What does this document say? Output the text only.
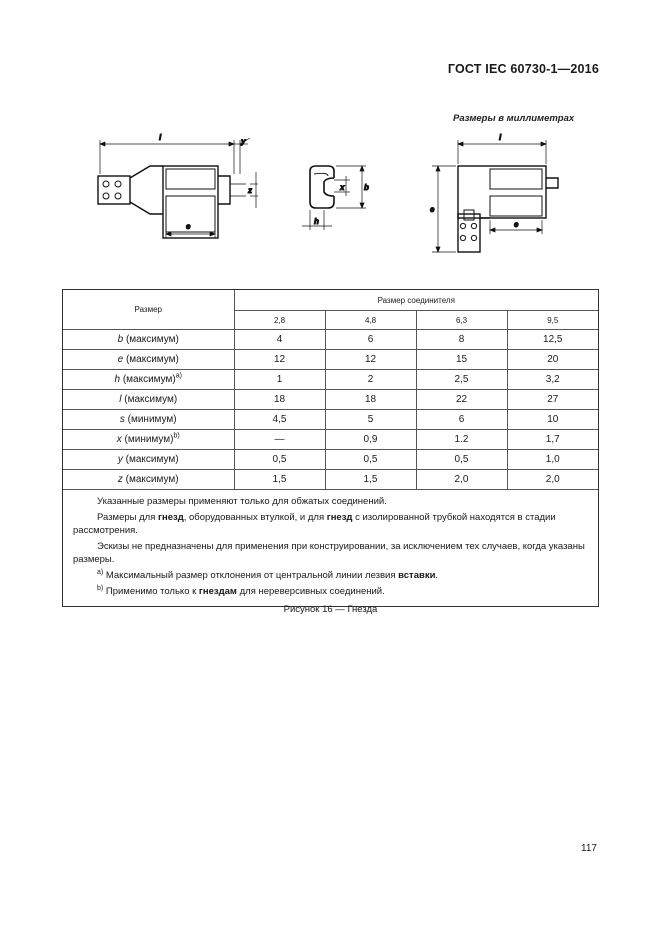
ГОСТ IEC 60730-1—2016
Размеры в миллиметрах
l	y
z
e
b
x
h
l
e
e
Размер	Размер соединителя			
	2,8	4,8	6,3	9,5
b (максимум)	4	6	8	12,5
e (максимум)	12	12	15	20
h (максимум)$^{a)}$	1	2	2,5	3,2
l (максимум)	18	18	22	27
s (минимум)	4,5	5	6	10
x (минимум)$^{b)}$	—	0,9	1.2	1,7
y (максимум)	0,5	0,5	0,5	1,0
z (максимум)	1,5	1,5	2,0	2,0

Указанные размеры применяют только для обжатых соединений.

Размеры для гнезд, оборудованных втулкой, и для гнезд с изолированной трубкой находятся в стадии рассмотрения.

Эскизы не предназначены для применения при конструировании, за исключением тех случаев, когда указаны размеры.

$^{a)}$ Максимальный размер отклонения от центральной линии лезвия вставки.

$^{b)}$ Применимо только к гнездам для нереверсивных соединений.

Рисунок 16 — Гнезда
117
